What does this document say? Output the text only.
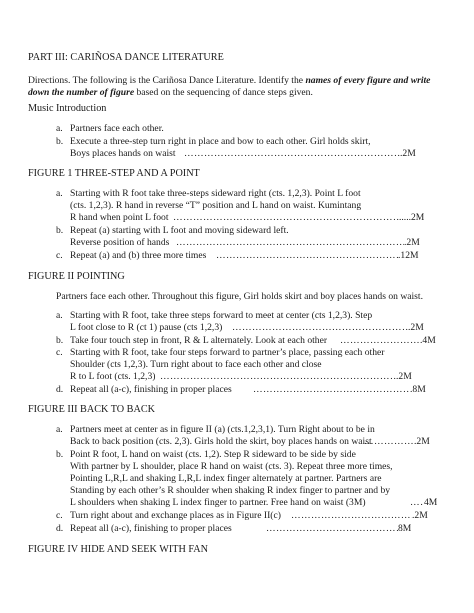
PART III: CARIÑOSA DANCE LITERATURE
Directions. The following is the Cariñosa Dance Literature. Identify the names of every figure and write
down the number of figure based on the sequencing of dance steps given.
Music Introduction
a. Partners face each other.
b. Execute a three-step turn right in place and bow to each other. Girl holds skirt,
Boys places hands on waist ……………………………………………………………………………………………………………………………………………………………………………	.2M
FIGURE 1 THREE-STEP AND A POINT
a. Starting with R foot take three-steps sideward right (cts. 1,2,3). Point L foot
(cts. 1,2,3). R hand in reverse “T” position and L hand on waist. Kumintang
R hand when point L foot ……………………………………………………………………………………………………………………………………………………………………………	.....2M
b. Repeat (a) starting with L foot and moving sideward left.
Reverse position of hands ……………………………………………………………………………………………………………………………………………………………………………	.2M
c. Repeat (a) and (b) three more times ……………………………………………………………………………………………………………………………………………………………………………	.12M
FIGURE II POINTING
Partners face each other. Throughout this figure, Girl holds skirt and boy places hands on waist.
a. Starting with R foot, take three steps forward to meet at center (cts 1,2,3). Step
L foot close to R (ct 1) pause (cts 1,2,3) ……………………………………………………………………………………………………………………………………………………………………………	.2M
b. Take four touch step in front, R & L alternately. Look at each other ……………………………………………………………………………………………………………………………………………………………………………	.4M
c. Starting with R foot, take four steps forward to partner’s place, passing each other
Shoulder (cts 1,2,3). Turn right about to face each other and close
R to L foot (cts. 1,2,3) ……………………………………………………………………………………………………………………………………………………………………………	.2M
d. Repeat all (a-c), finishing in proper places ……………………………………………………………………………………………………………………………………………………………………………	.8M
FIGURE III BACK TO BACK
a. Partners meet at center as in figure II (a) (cts.1,2,3,1). Turn Right about to be in
Back to back position (cts. 2,3). Girls hold the skirt, boy places hands on waist ……………………………………………………………………………………………………………………………………………………………………………	.2M
b. Point R foot, L hand on waist (cts. 1,2). Step R sideward to be side by side
With partner by L shoulder, place R hand on waist (cts. 3). Repeat three more times,
Pointing L,R,L and shaking L,R,L index finger alternately at partner. Partners are
Standing by each other’s R shoulder when shaking R index finger to partner and by
L shoulders when shaking L index finger to partner. Free hand on waist (3M) ……………………………………………………………………………………………………………………………………………………………………………	4M
c. Turn right about and exchange places as in Figure II(c) ……………………………………………………………………………………………………………………………………………………………………………	.2M
d. Repeat all (a-c), finishing to proper places ……………………………………………………………………………………………………………………………………………………………………………	8M
FIGURE IV HIDE AND SEEK WITH FAN
